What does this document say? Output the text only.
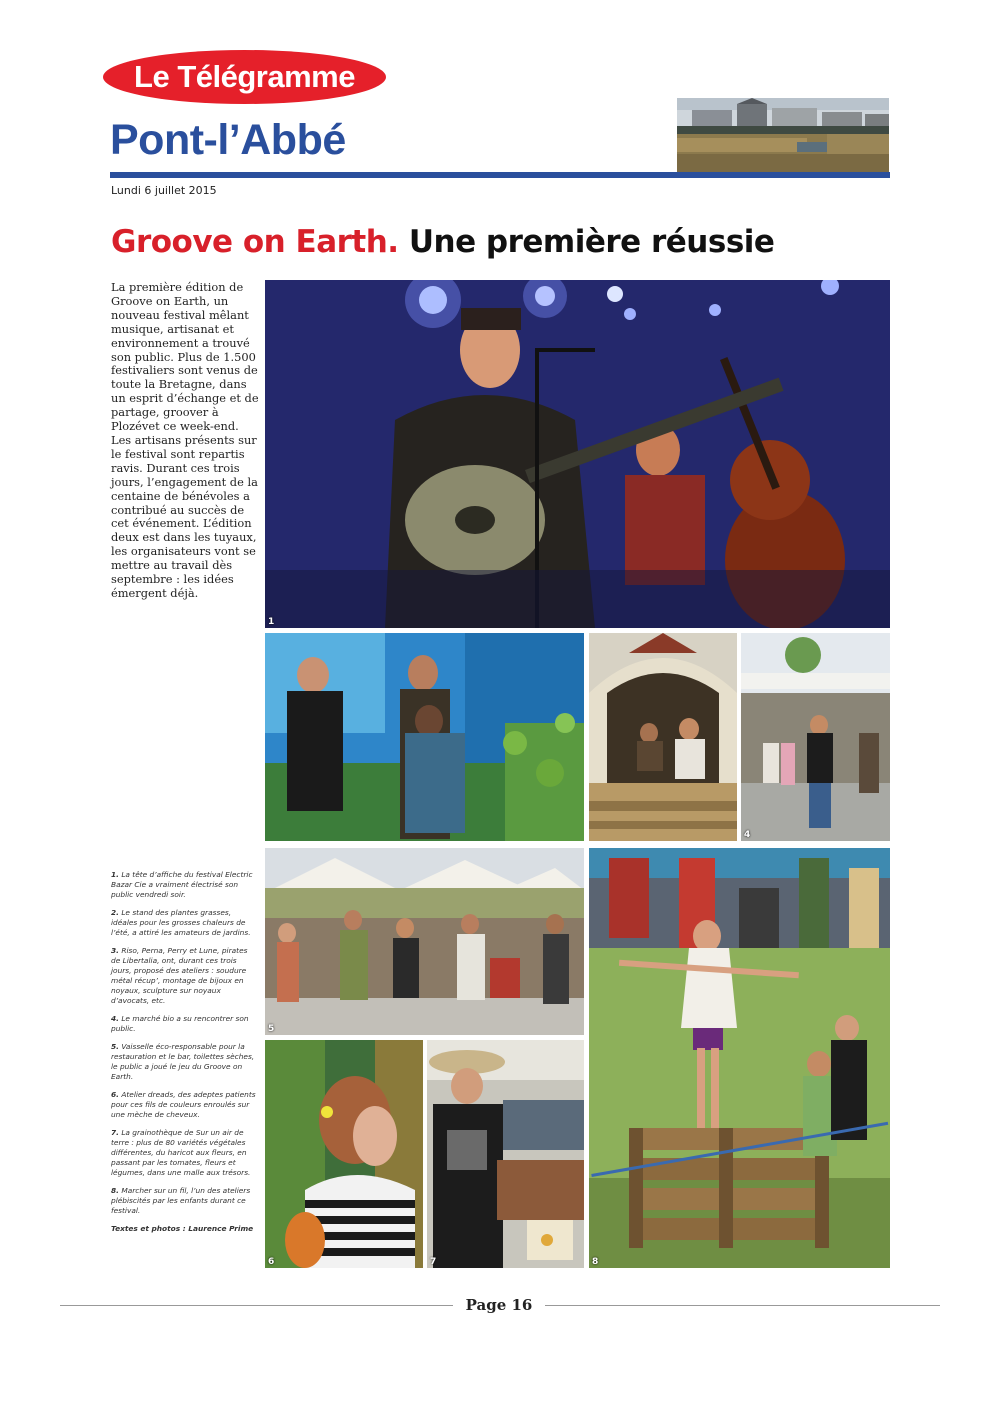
Le Télégramme
Pont-l’Abbé
Lundi 6 juillet 2015
Groove on Earth. Une première réussie
La première édition de Groove on Earth, un nouveau festival mêlant musique, artisanat et environnement a trouvé son public. Plus de 1.500 festivaliers sont venus de toute la Bretagne, dans un esprit d’échange et de partage, groover à Plozévet ce week-end. Les artisans présents sur le festival sont repartis ravis. Durant ces trois jours, l’engagement de la centaine de bénévoles a contribué au succès de cet événement. L’édition deux est dans les tuyaux, les organisateurs vont se mettre au travail dès septembre : les idées émergent déjà.
1
4
5
6	7	8

1. La tête d’affiche du festival Electric Bazar Cie a vraiment électrisé son public vendredi soir.

2. Le stand des plantes grasses, idéales pour les grosses chaleurs de l’été, a attiré les amateurs de jardins.

3. Riso, Perna, Perry et Lune, pirates de Libertalia, ont, durant ces trois jours, proposé des ateliers : soudure métal récup’, montage de bijoux en noyaux, sculpture sur noyaux d’avocats, etc.

4. Le marché bio a su rencontrer son public.

5. Vaisselle éco-responsable pour la restauration et le bar, toilettes sèches, le public a joué le jeu du Groove on Earth.

6. Atelier dreads, des adeptes patients pour ces fils de couleurs enroulés sur une mèche de cheveux.

7. La grainothèque de Sur un air de terre : plus de 80 variétés végétales différentes, du haricot aux fleurs, en passant par les tomates, fleurs et légumes, dans une malle aux trésors.

8. Marcher sur un fil, l’un des ateliers plébiscités par les enfants durant ce festival.

Textes et photos : Laurence Prime
Page 16
